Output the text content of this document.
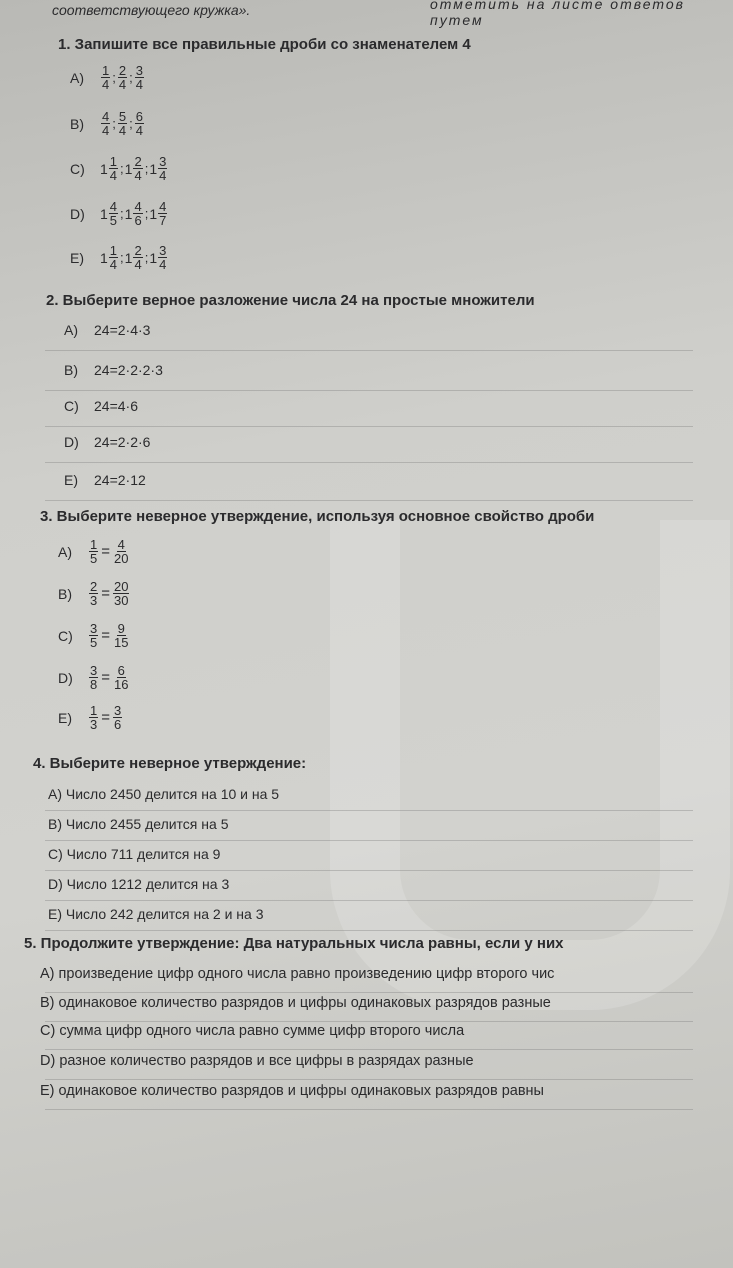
соответствующего кружка».	отметить на листе ответов путем
1. Запишите все правильные дроби со знаменателем 4
A)	$\frac{1}{4}$ ; $\frac{2}{4}$ ; $\frac{3}{4}$
B)	$\frac{4}{4}$ ; $\frac{5}{4}$ ; $\frac{6}{4}$
C)	$1 \frac{1}{4}$ ; $1 \frac{2}{4}$ ; $1 \frac{3}{4}$
D)	$1 \frac{4}{5}$ ; $1 \frac{4}{6}$ ; $1 \frac{4}{7}$
E)	$1 \frac{1}{4}$ ; $1 \frac{2}{4}$ ; $1 \frac{3}{4}$
2. Выберите верное разложение числа 24 на простые множители
A)	24=2·4·3
B)	24=2·2·2·3
C)	24=4·6
D)	24=2·2·6
E)	24=2·12
3. Выберите неверное утверждение, используя основное свойство дроби
A)	$\frac{1}{5} = \frac{4}{20}$
B)	$\frac{2}{3} = \frac{20}{30}$
C)	$\frac{3}{5} = \frac{9}{15}$
D)	$\frac{3}{8} = \frac{6}{16}$
E)	$\frac{1}{3} = \frac{3}{6}$
4. Выберите неверное утверждение:
A) Число 2450 делится на 10 и на 5
B) Число 2455 делится на 5
C) Число 711 делится на 9
D) Число 1212 делится на 3
E) Число 242 делится на 2 и на 3
5. Продолжите утверждение: Два натуральных числа равны, если у них
A) произведение цифр одного числа равно произведению цифр второго чис
B) одинаковое количество разрядов и цифры одинаковых разрядов разные
C) сумма цифр одного числа равно сумме цифр второго числа
D) разное количество разрядов и все цифры в разрядах разные
E) одинаковое количество разрядов и цифры одинаковых разрядов равны
